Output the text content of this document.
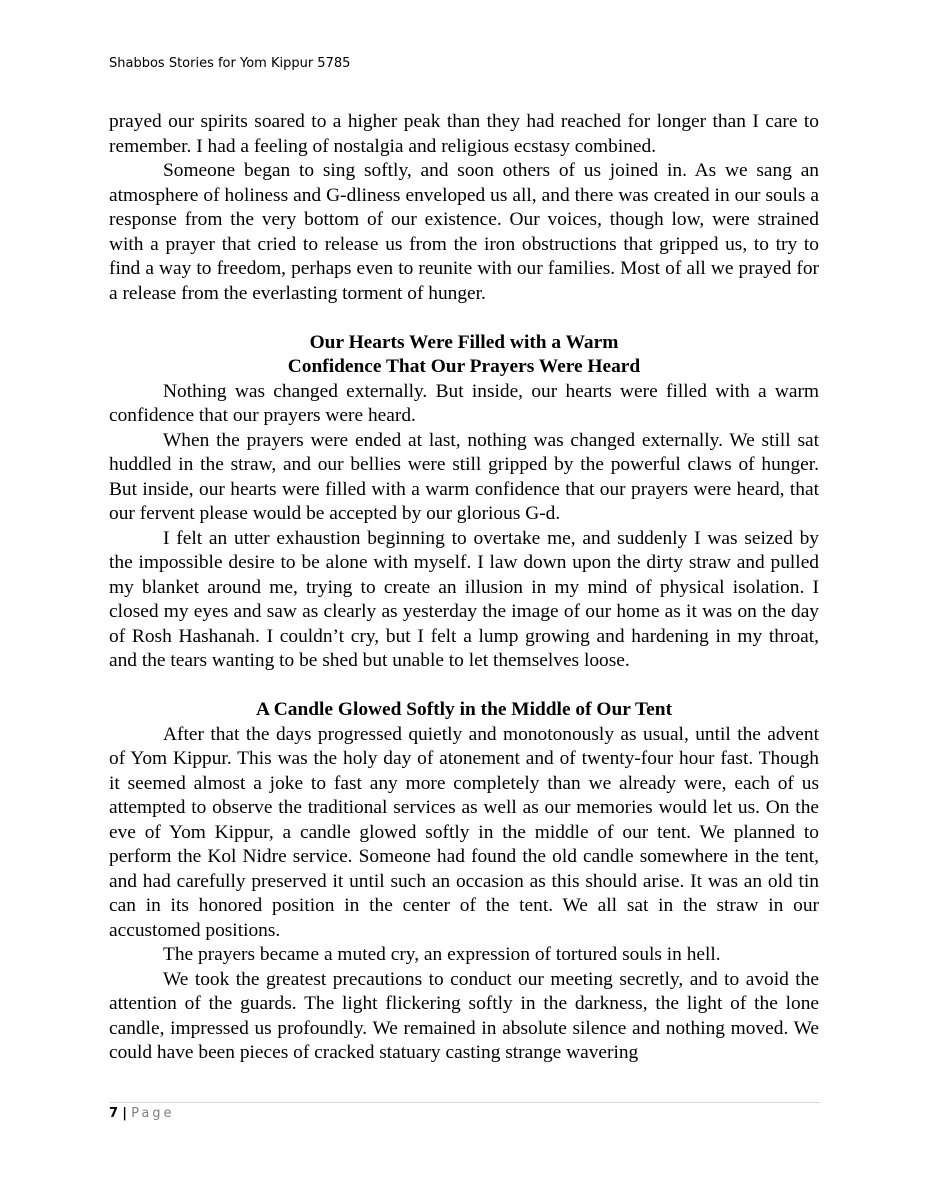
Shabbos Stories for Yom Kippur 5785

prayed our spirits soared to a higher peak than they had reached for longer than I care to remember. I had a feeling of nostalgia and religious ecstasy combined.

Someone began to sing softly, and soon others of us joined in. As we sang an atmosphere of holiness and G-dliness enveloped us all, and there was created in our souls a response from the very bottom of our existence. Our voices, though low, were strained with a prayer that cried to release us from the iron obstructions that gripped us, to try to find a way to freedom, perhaps even to reunite with our families. Most of all we prayed for a release from the everlasting torment of hunger.

Our Hearts Were Filled with a Warm
Confidence That Our Prayers Were Heard

Nothing was changed externally. But inside, our hearts were filled with a warm confidence that our prayers were heard.

When the prayers were ended at last, nothing was changed externally. We still sat huddled in the straw, and our bellies were still gripped by the powerful claws of hunger. But inside, our hearts were filled with a warm confidence that our prayers were heard, that our fervent please would be accepted by our glorious G-d.

I felt an utter exhaustion beginning to overtake me, and suddenly I was seized by the impossible desire to be alone with myself. I law down upon the dirty straw and pulled my blanket around me, trying to create an illusion in my mind of physical isolation. I closed my eyes and saw as clearly as yesterday the image of our home as it was on the day of Rosh Hashanah. I couldn’t cry, but I felt a lump growing and hardening in my throat, and the tears wanting to be shed but unable to let themselves loose.

A Candle Glowed Softly in the Middle of Our Tent

After that the days progressed quietly and monotonously as usual, until the advent of Yom Kippur. This was the holy day of atonement and of twenty-four hour fast. Though it seemed almost a joke to fast any more completely than we already were, each of us attempted to observe the traditional services as well as our memories would let us. On the eve of Yom Kippur, a candle glowed softly in the middle of our tent. We planned to perform the Kol Nidre service. Someone had found the old candle somewhere in the tent, and had carefully preserved it until such an occasion as this should arise. It was an old tin can in its honored position in the center of the tent. We all sat in the straw in our accustomed positions.

The prayers became a muted cry, an expression of tortured souls in hell.

We took the greatest precautions to conduct our meeting secretly, and to avoid the attention of the guards. The light flickering softly in the darkness, the light of the lone candle, impressed us profoundly. We remained in absolute silence and nothing moved. We could have been pieces of cracked statuary casting strange wavering

7 | Page
